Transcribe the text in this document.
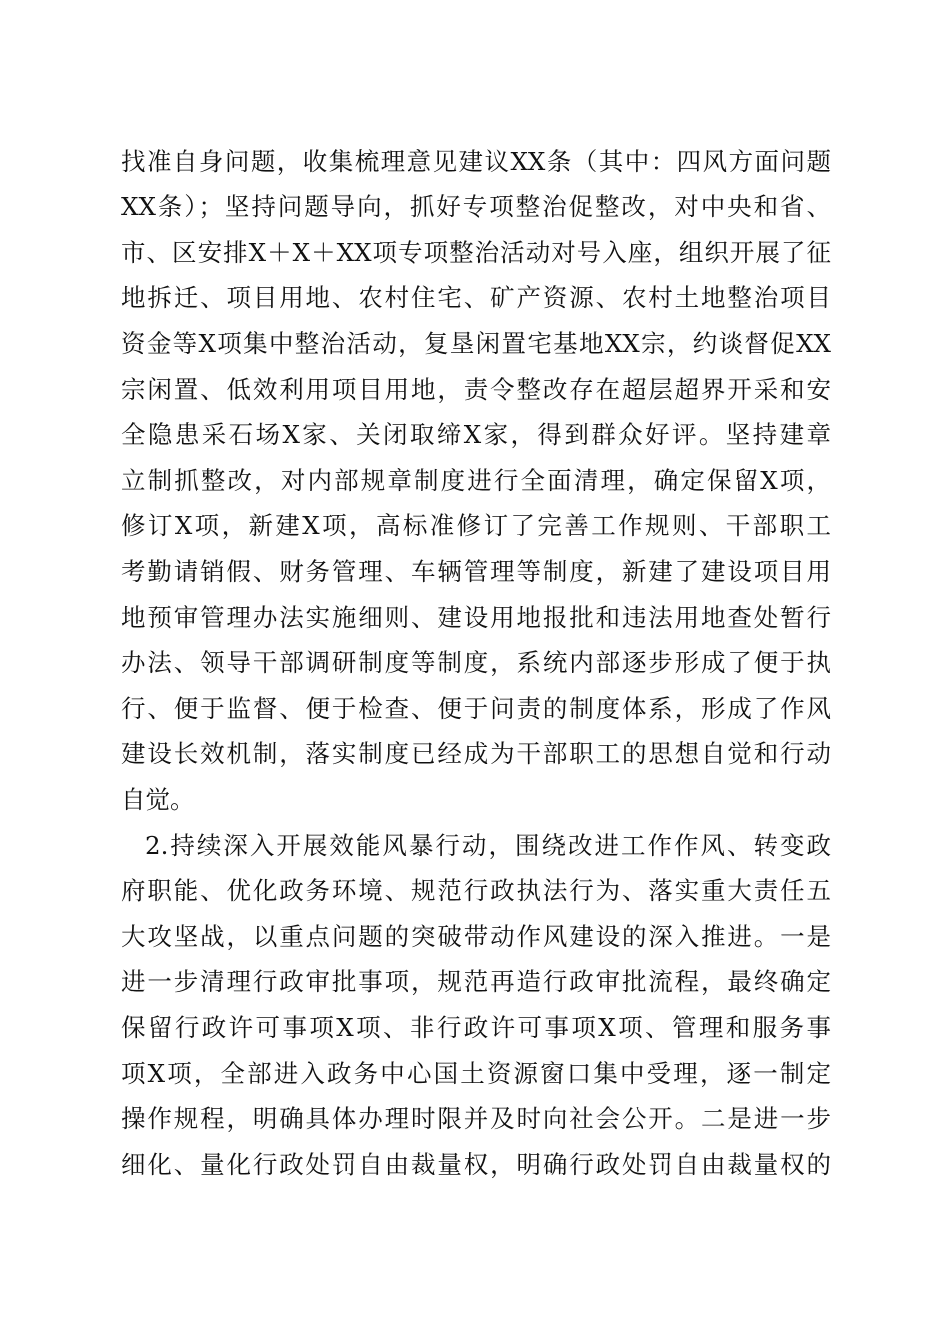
找准自身问题，收集梳理意见建议XX条（其中：四风方面问题
XX条）；坚持问题导向，抓好专项整治促整改，对中央和省、
市、区安排X＋X＋XX项专项整治活动对号入座，组织开展了征
地拆迁、项目用地、农村住宅、矿产资源、农村土地整治项目
资金等X项集中整治活动，复垦闲置宅基地XX宗，约谈督促XX
宗闲置、低效利用项目用地，责令整改存在超层超界开采和安
全隐患采石场X家、关闭取缔X家，得到群众好评。坚持建章
立制抓整改，对内部规章制度进行全面清理，确定保留X项，
修订X项，新建X项，高标准修订了完善工作规则、干部职工
考勤请销假、财务管理、车辆管理等制度，新建了建设项目用
地预审管理办法实施细则、建设用地报批和违法用地查处暂行
办法、领导干部调研制度等制度，系统内部逐步形成了便于执
行、便于监督、便于检查、便于问责的制度体系，形成了作风
建设长效机制，落实制度已经成为干部职工的思想自觉和行动
自觉。
2.持续深入开展效能风暴行动，围绕改进工作作风、转变政
府职能、优化政务环境、规范行政执法行为、落实重大责任五
大攻坚战，以重点问题的突破带动作风建设的深入推进。一是
进一步清理行政审批事项，规范再造行政审批流程，最终确定
保留行政许可事项X项、非行政许可事项X项、管理和服务事
项X项，全部进入政务中心国土资源窗口集中受理，逐一制定
操作规程，明确具体办理时限并及时向社会公开。二是进一步
细化、量化行政处罚自由裁量权，明确行政处罚自由裁量权的
